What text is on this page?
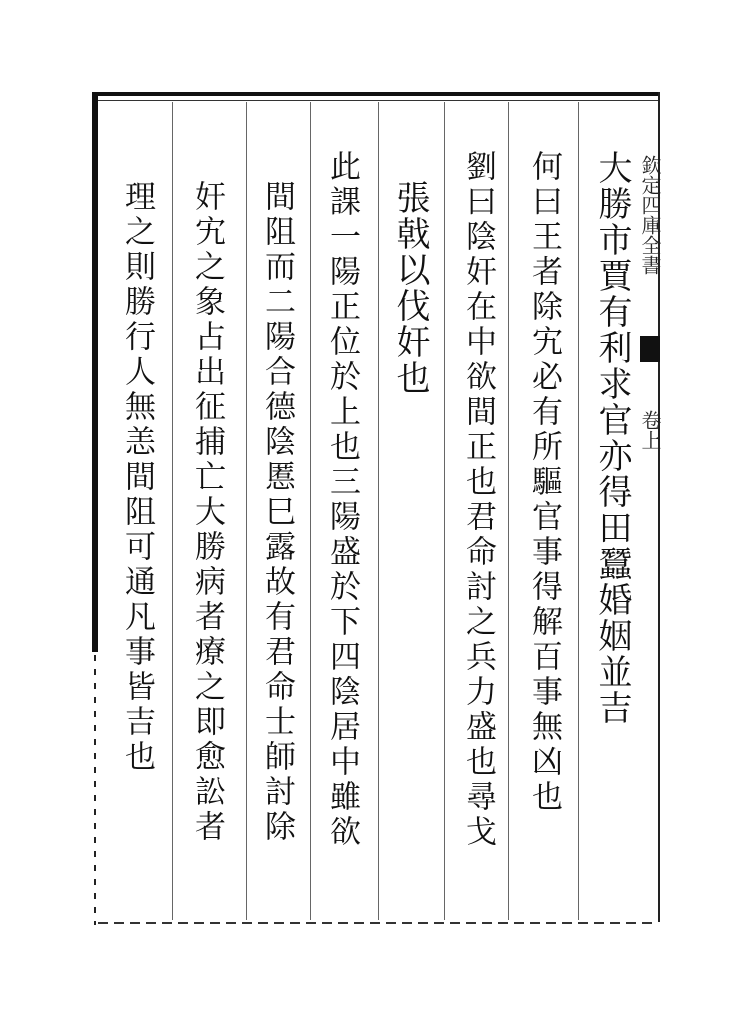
欽定四庫全書
卷上
大勝市賈有利求官亦得田蠶婚姻並吉
何曰王者除宄必有所驅官事得解百事無凶也
劉曰陰奸在中欲間正也君命討之兵力盛也尋戈
張戟以伐奸也
此課一陽正位於上也三陽盛於下四陰居中雖欲
間阻而二陽合德陰慝巳露故有君命士師討除
奸宄之象占出征捕亡大勝病者療之即愈訟者
理之則勝行人無恙間阻可通凡事皆吉也
